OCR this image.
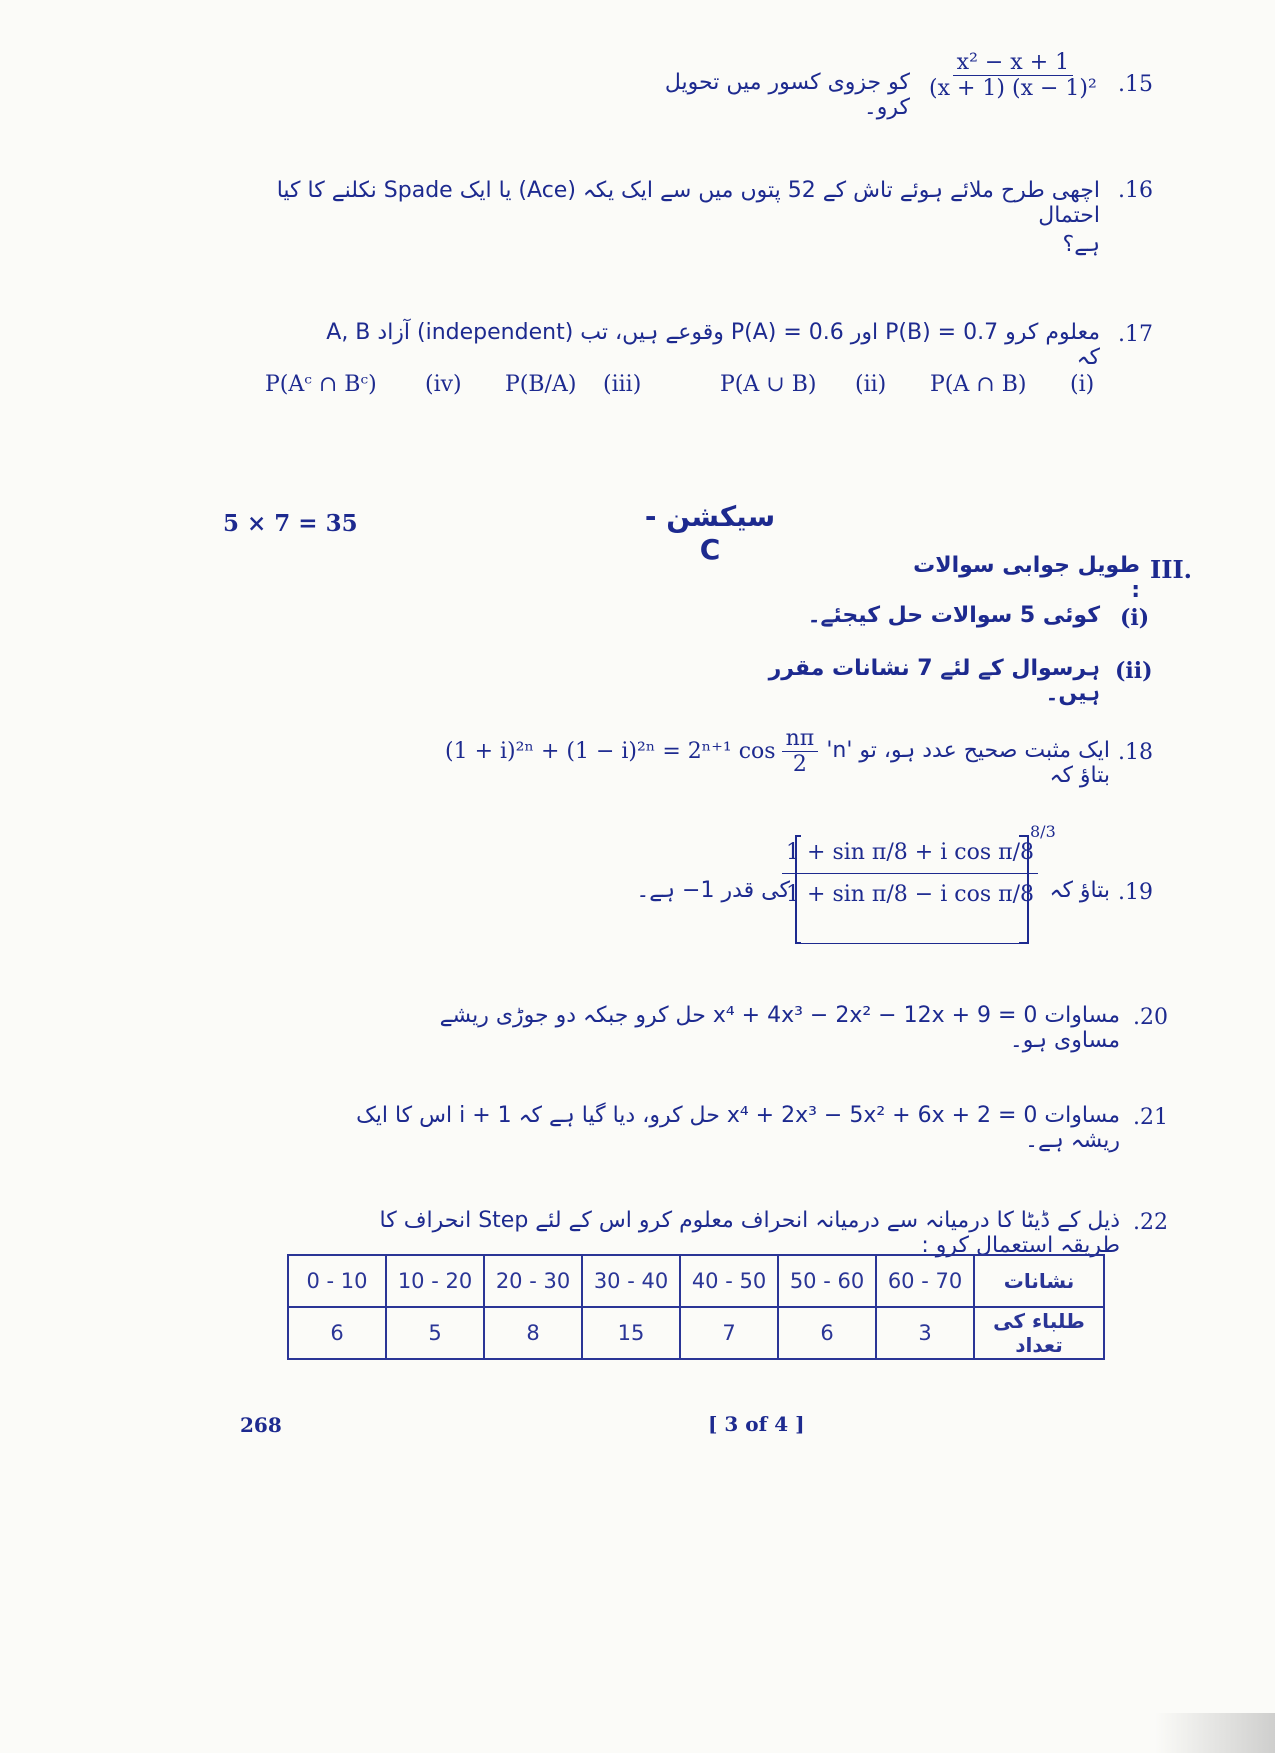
کو جزوی کسور میں تحویل کرو۔
$\frac{\text{x² − x + 1}}{\text{(x + 1) (x − 1)²}} .15$
اچھی طرح ملائے ہوئے تاش کے 52 پتوں میں سے ایک یکہ (Ace) یا ایک Spade نکلنے کا کیا احتمال
.16
ہے؟
A, B آزاد (independent) وقوعے ہیں، تب P(A) = 0.6 اور P(B) = 0.7 معلوم کرو کہ
.17
(i)
P(A ∩ B)
(ii)
P(A ∪ B)
(iii)
P(B/A)
(iv)
P(Aᶜ ∩ Bᶜ)
5 × 7 = 35	سیکشن - C
III.
طویل جوابی سوالات :
(i)
کوئی 5 سوالات حل کیجئے۔
(ii)
ہرسوال کے لئے 7 نشانات مقرر ہیں۔
.18
'n' ایک مثبت صحیح عدد ہو، تو بتاؤ کہ
(1 + i)²ⁿ + (1 − i)²ⁿ = 2ⁿ⁺¹ $\cos \frac{n\pi}{2}$
.19
بتاؤ کہ
$\frac{\text{1 + sin π/8 + i cos π/8}}{\text{1 + sin π/8 − i cos π/8}}$
8/3
کی قدر 1− ہے۔
.20
مساوات x⁴ + 4x³ − 2x² − 12x + 9 = 0 حل کرو جبکہ دو جوڑی ریشے مساوی ہو۔
.21
مساوات x⁴ + 2x³ − 5x² + 6x + 2 = 0 حل کرو، دیا گیا ہے کہ 1 + i اس کا ایک ریشہ ہے۔
.22
ذیل کے ڈیٹا کا درمیانہ سے درمیانہ انحراف معلوم کرو اس کے لئے Step انحراف کا طریقہ استعمال کرو :
0 - 10	10 - 20	20 - 30	30 - 40	40 - 50	50 - 60	60 - 70	نشانات
6	5	8	15	7	6	3	طلباء کی تعداد
268	[ 3 of 4 ]
